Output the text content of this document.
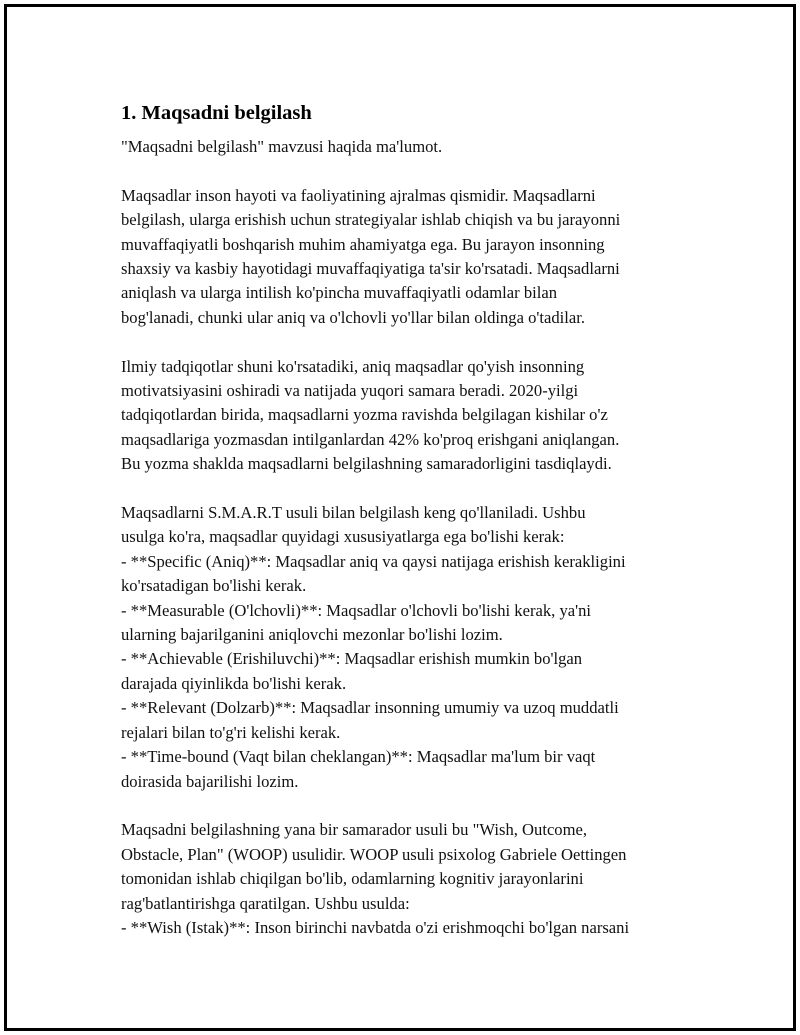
1. Maqsadni belgilash

"Maqsadni belgilash" mavzusi haqida ma'lumot.

Maqsadlar inson hayoti va faoliyatining ajralmas qismidir. Maqsadlarni
belgilash, ularga erishish uchun strategiyalar ishlab chiqish va bu jarayonni
muvaffaqiyatli boshqarish muhim ahamiyatga ega. Bu jarayon insonning
shaxsiy va kasbiy hayotidagi muvaffaqiyatiga ta'sir ko'rsatadi. Maqsadlarni
aniqlash va ularga intilish ko'pincha muvaffaqiyatli odamlar bilan
bog'lanadi, chunki ular aniq va o'lchovli yo'llar bilan oldinga o'tadilar.

Ilmiy tadqiqotlar shuni ko'rsatadiki, aniq maqsadlar qo'yish insonning
motivatsiyasini oshiradi va natijada yuqori samara beradi. 2020-yilgi
tadqiqotlardan birida, maqsadlarni yozma ravishda belgilagan kishilar o'z
maqsadlariga yozmasdan intilganlardan 42% ko'proq erishgani aniqlangan.
Bu yozma shaklda maqsadlarni belgilashning samaradorligini tasdiqlaydi.

Maqsadlarni S.M.A.R.T usuli bilan belgilash keng qo'llaniladi. Ushbu
usulga ko'ra, maqsadlar quyidagi xususiyatlarga ega bo'lishi kerak:
- **Specific (Aniq)**: Maqsadlar aniq va qaysi natijaga erishish kerakligini
ko'rsatadigan bo'lishi kerak.
- **Measurable (O'lchovli)**: Maqsadlar o'lchovli bo'lishi kerak, ya'ni
ularning bajarilganini aniqlovchi mezonlar bo'lishi lozim.
- **Achievable (Erishiluvchi)**: Maqsadlar erishish mumkin bo'lgan
darajada qiyinlikda bo'lishi kerak.
- **Relevant (Dolzarb)**: Maqsadlar insonning umumiy va uzoq muddatli
rejalari bilan to'g'ri kelishi kerak.
- **Time-bound (Vaqt bilan cheklangan)**: Maqsadlar ma'lum bir vaqt
doirasida bajarilishi lozim.

Maqsadni belgilashning yana bir samarador usuli bu "Wish, Outcome,
Obstacle, Plan" (WOOP) usulidir. WOOP usuli psixolog Gabriele Oettingen
tomonidan ishlab chiqilgan bo'lib, odamlarning kognitiv jarayonlarini
rag'batlantirishga qaratilgan. Ushbu usulda:
- **Wish (Istak)**: Inson birinchi navbatda o'zi erishmoqchi bo'lgan narsani
